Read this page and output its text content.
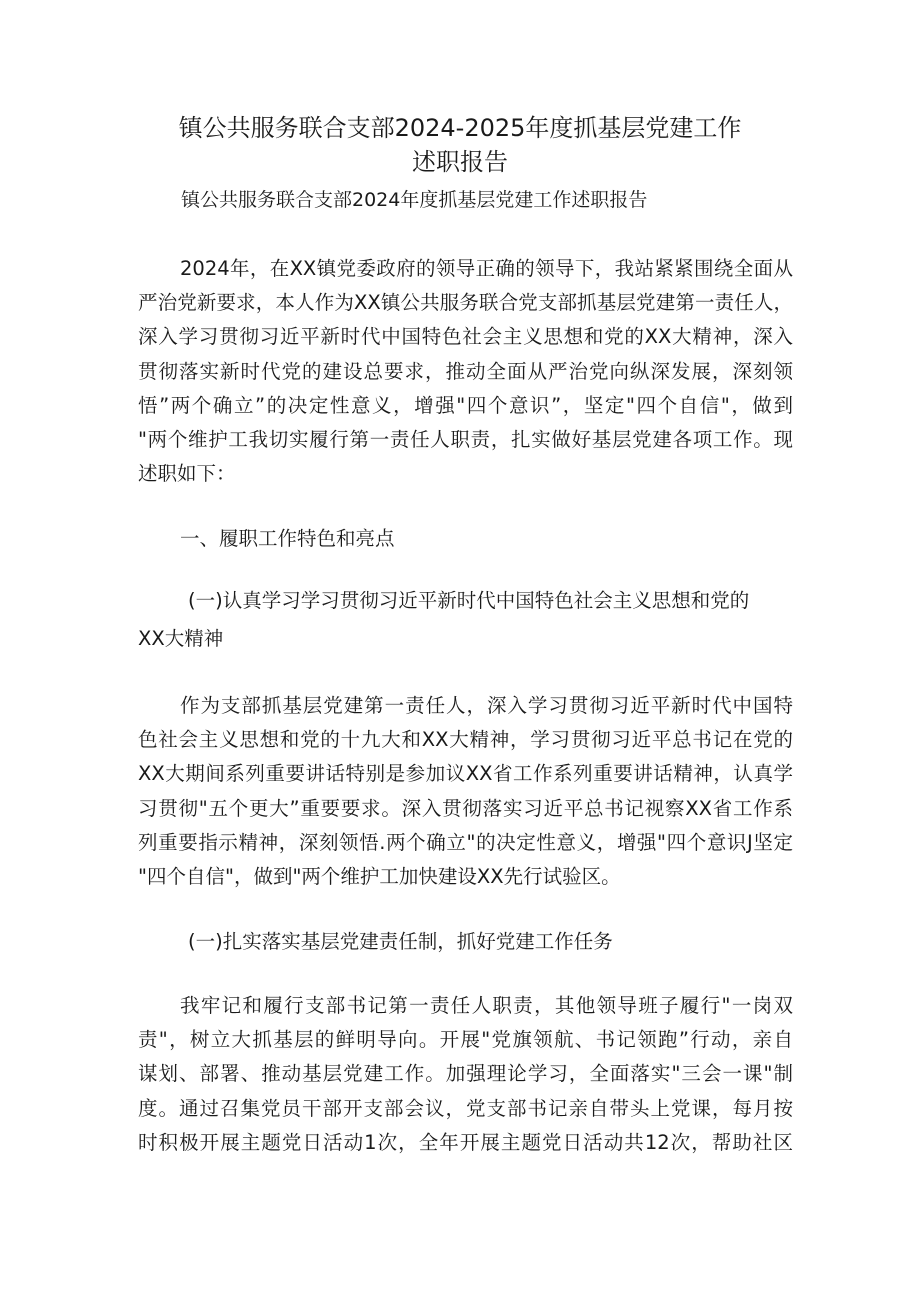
镇公共服务联合支部2024-2025年度抓基层党建工作
述职报告
镇公共服务联合支部2024年度抓基层党建工作述职报告
2024年，在XX镇党委政府的领导正确的领导下，我站紧紧围绕全面从
严治党新要求，本人作为XX镇公共服务联合党支部抓基层党建第一责任人，
深入学习贯彻习近平新时代中国特色社会主义思想和党的XX大精神，深入
贯彻落实新时代党的建设总要求，推动全面从严治党向纵深发展，深刻领
悟”两个确立”的决定性意义，增强"四个意识”，坚定"四个自信"，做到
"两个维护工我切实履行第一责任人职责，扎实做好基层党建各项工作。现
述职如下：
一、履职工作特色和亮点
(一)认真学习学习贯彻习近平新时代中国特色社会主义思想和党的
XX大精神
作为支部抓基层党建第一责任人，深入学习贯彻习近平新时代中国特
色社会主义思想和党的十九大和XX大精神，学习贯彻习近平总书记在党的
XX大期间系列重要讲话特别是参加议XX省工作系列重要讲话精神，认真学
习贯彻"五个更大”重要要求。深入贯彻落实习近平总书记视察XX省工作系
列重要指示精神，深刻领悟.两个确立"的决定性意义，增强"四个意识J坚定
"四个自信"，做到"两个维护工加快建设XX先行试验区。
(一)扎实落实基层党建责任制，抓好党建工作任务
我牢记和履行支部书记第一责任人职责，其他领导班子履行"一岗双
责"，树立大抓基层的鲜明导向。开展"党旗领航、书记领跑”行动，亲自
谋划、部署、推动基层党建工作。加强理论学习，全面落实"三会一课"制
度。通过召集党员干部开支部会议，党支部书记亲自带头上党课，每月按
时积极开展主题党日活动1次，全年开展主题党日活动共12次，帮助社区
